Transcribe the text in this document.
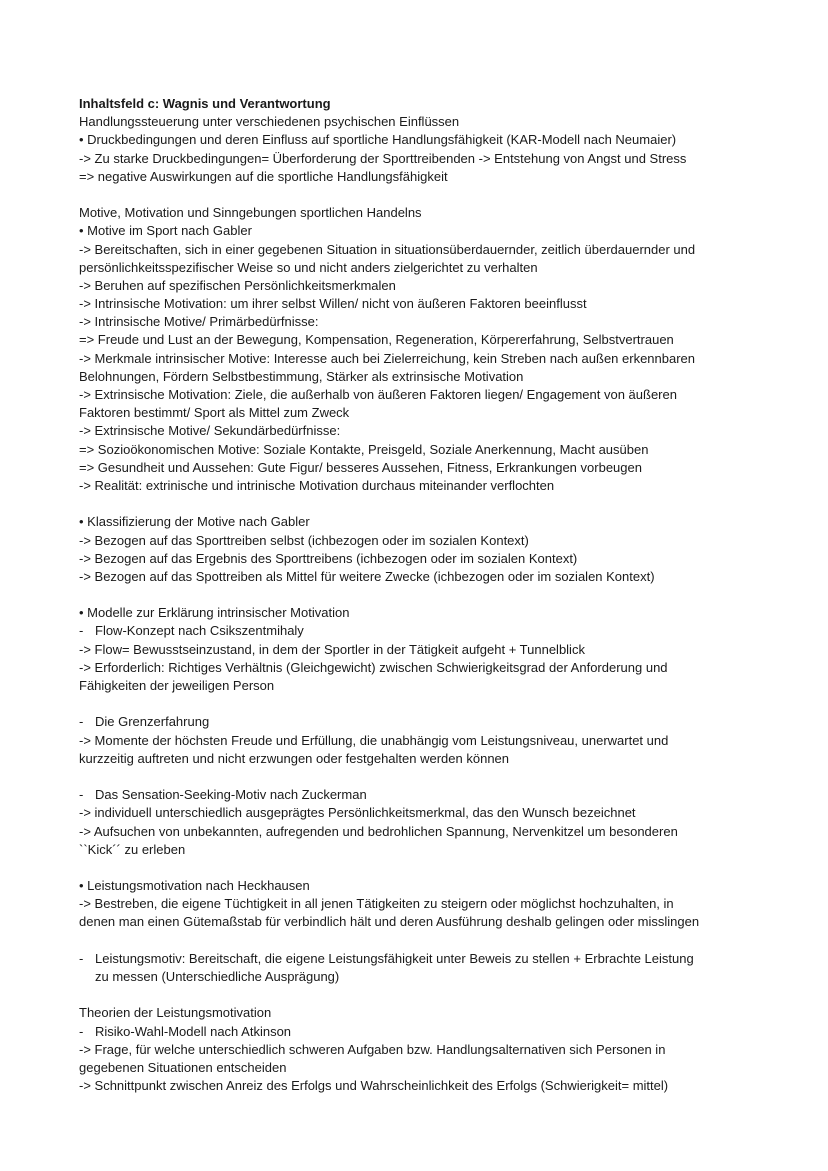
Inhaltsfeld c: Wagnis und Verantwortung
Handlungssteuerung unter verschiedenen psychischen Einflüssen
• Druckbedingungen und deren Einfluss auf sportliche Handlungsfähigkeit (KAR-Modell nach Neumaier)
-> Zu starke Druckbedingungen= Überforderung der Sporttreibenden -> Entstehung von Angst und Stress
=> negative Auswirkungen auf die sportliche Handlungsfähigkeit
Motive, Motivation und Sinngebungen sportlichen Handelns
• Motive im Sport nach Gabler
-> Bereitschaften, sich in einer gegebenen Situation in situationsüberdauernder, zeitlich überdauernder und
persönlichkeitsspezifischer Weise so und nicht anders zielgerichtet zu verhalten
-> Beruhen auf spezifischen Persönlichkeitsmerkmalen
-> Intrinsische Motivation: um ihrer selbst Willen/ nicht von äußeren Faktoren beeinflusst
-> Intrinsische Motive/ Primärbedürfnisse:
=> Freude und Lust an der Bewegung, Kompensation, Regeneration, Körpererfahrung, Selbstvertrauen
-> Merkmale intrinsischer Motive: Interesse auch bei Zielerreichung, kein Streben nach außen erkennbaren
Belohnungen, Fördern Selbstbestimmung, Stärker als extrinsische Motivation
-> Extrinsische Motivation: Ziele, die außerhalb von äußeren Faktoren liegen/ Engagement von äußeren
Faktoren bestimmt/ Sport als Mittel zum Zweck
-> Extrinsische Motive/ Sekundärbedürfnisse:
=> Sozioökonomischen Motive: Soziale Kontakte, Preisgeld, Soziale Anerkennung, Macht ausüben
=> Gesundheit und Aussehen: Gute Figur/ besseres Aussehen, Fitness, Erkrankungen vorbeugen
-> Realität: extrinische und intrinische Motivation durchaus miteinander verflochten
• Klassifizierung der Motive nach Gabler
-> Bezogen auf das Sporttreiben selbst (ichbezogen oder im sozialen Kontext)
-> Bezogen auf das Ergebnis des Sporttreibens (ichbezogen oder im sozialen Kontext)
-> Bezogen auf das Spottreiben als Mittel für weitere Zwecke (ichbezogen oder im sozialen Kontext)
• Modelle zur Erklärung intrinsischer Motivation
- Flow-Konzept nach Csikszentmihaly
-> Flow= Bewusstseinzustand, in dem der Sportler in der Tätigkeit aufgeht + Tunnelblick
-> Erforderlich: Richtiges Verhältnis (Gleichgewicht) zwischen Schwierigkeitsgrad der Anforderung und
Fähigkeiten der jeweiligen Person
- Die Grenzerfahrung
-> Momente der höchsten Freude und Erfüllung, die unabhängig vom Leistungsniveau, unerwartet und
kurzzeitig auftreten und nicht erzwungen oder festgehalten werden können
- Das Sensation-Seeking-Motiv nach Zuckerman
-> individuell unterschiedlich ausgeprägtes Persönlichkeitsmerkmal, das den Wunsch bezeichnet
-> Aufsuchen von unbekannten, aufregenden und bedrohlichen Spannung, Nervenkitzel um besonderen
``Kick´´ zu erleben
• Leistungsmotivation nach Heckhausen
-> Bestreben, die eigene Tüchtigkeit in all jenen Tätigkeiten zu steigern oder möglichst hochzuhalten, in
denen man einen Gütemaßstab für verbindlich hält und deren Ausführung deshalb gelingen oder misslingen
- Leistungsmotiv: Bereitschaft, die eigene Leistungsfähigkeit unter Beweis zu stellen + Erbrachte Leistung
zu messen (Unterschiedliche Ausprägung)
Theorien der Leistungsmotivation
- Risiko-Wahl-Modell nach Atkinson
-> Frage, für welche unterschiedlich schweren Aufgaben bzw. Handlungsalternativen sich Personen in
gegebenen Situationen entscheiden
-> Schnittpunkt zwischen Anreiz des Erfolgs und Wahrscheinlichkeit des Erfolgs (Schwierigkeit= mittel)
